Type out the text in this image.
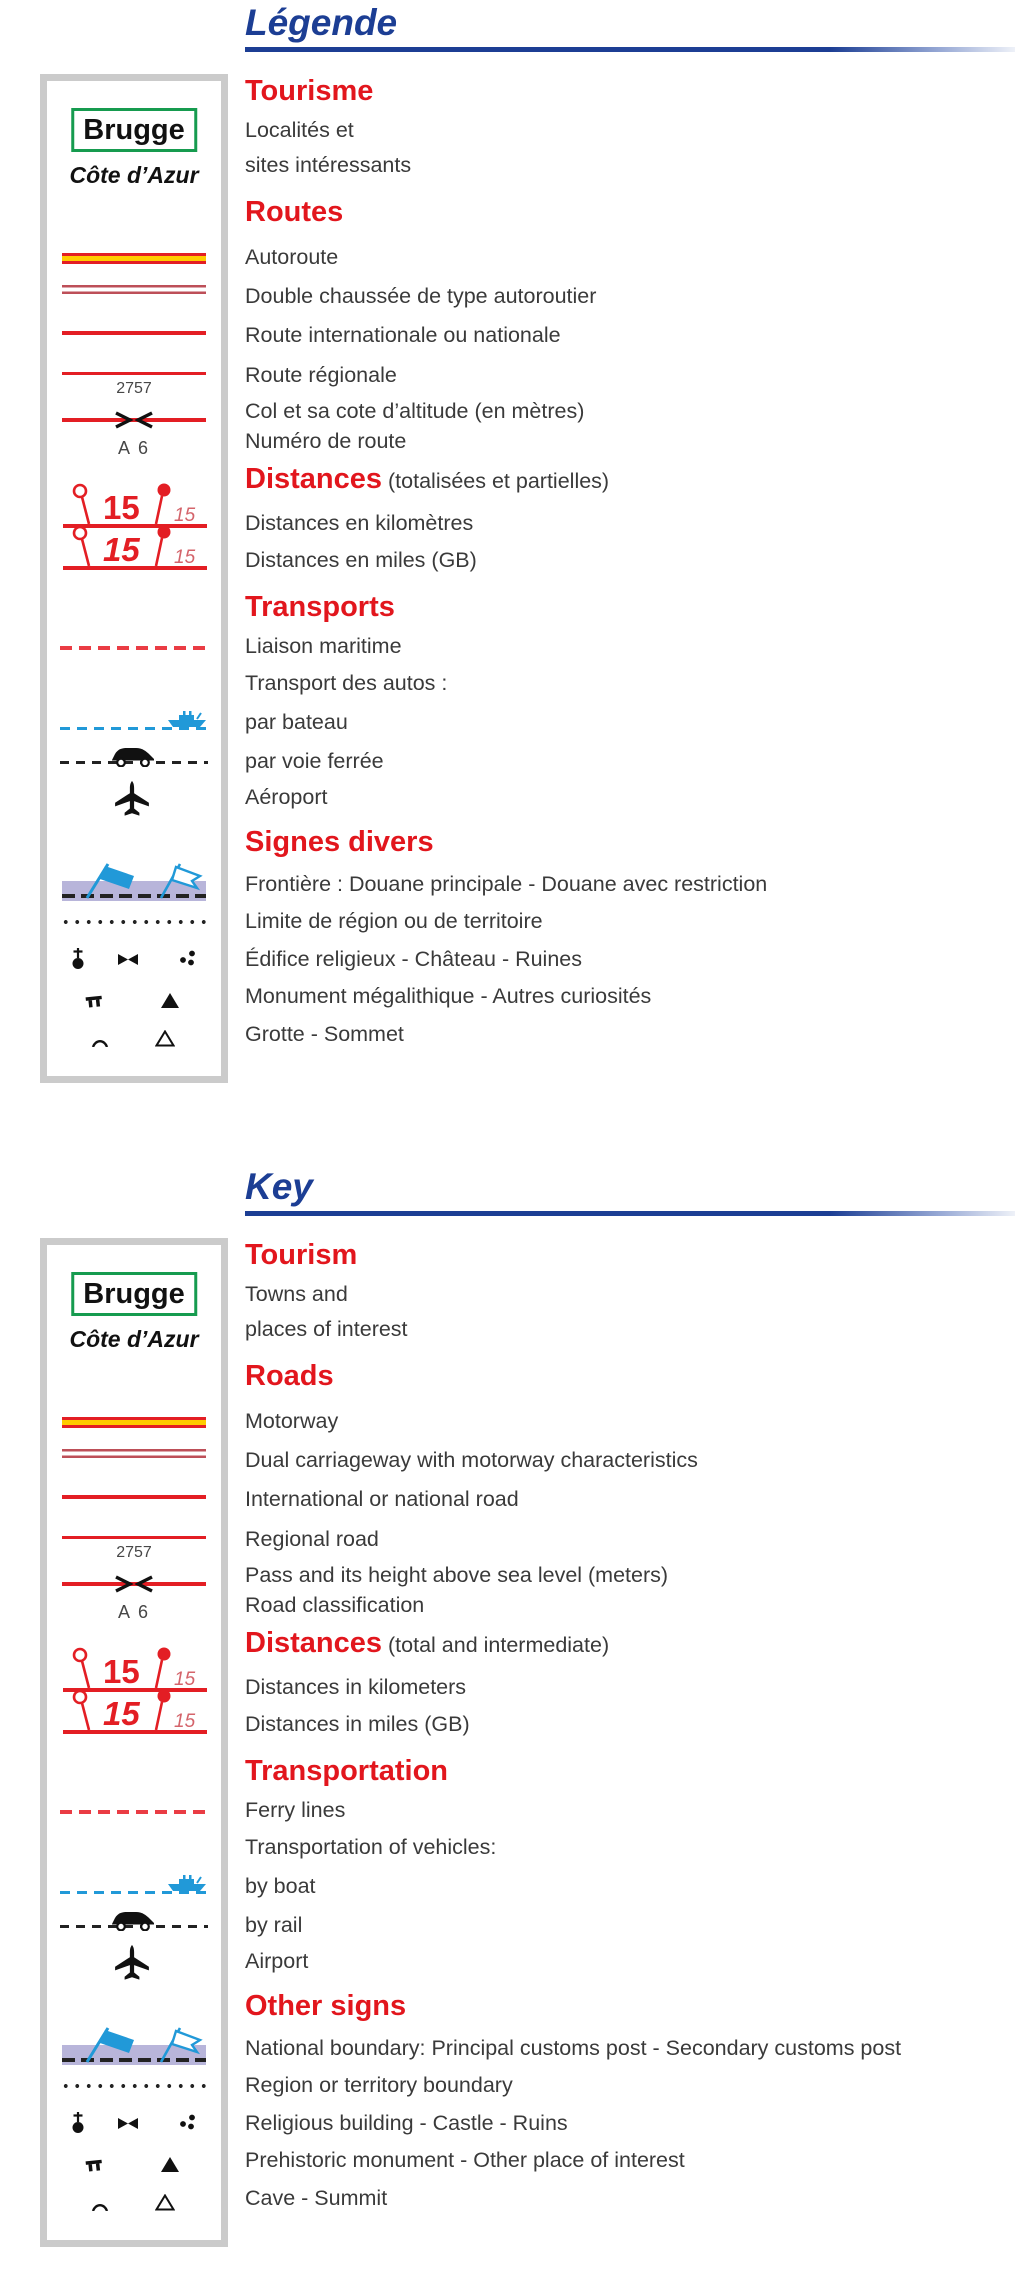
Légende
Brugge
Côte d’Azur
2757
A 6
15 15
15 15
Tourisme
Localités et
sites intéressants
Routes
Autoroute
Double chaussée de type autoroutier
Route internationale ou nationale
Route régionale
Col et sa cote d’altitude (en mètres)
Numéro de route
Distances (totalisées et partielles)
Distances en kilomètres
Distances en miles (GB)
Transports
Liaison maritime
Transport des autos :
par bateau
par voie ferrée
Aéroport
Signes divers
Frontière : Douane principale - Douane avec restriction
Limite de région ou de territoire
Édifice religieux - Château - Ruines
Monument mégalithique - Autres curiosités
Grotte - Sommet
Key
Brugge
Côte d’Azur
2757
A 6
15 15
15 15
Tourism
Towns and
places of interest
Roads
Motorway
Dual carriageway with motorway characteristics
International or national road
Regional road
Pass and its height above sea level (meters)
Road classification
Distances (total and intermediate)
Distances in kilometers
Distances in miles (GB)
Transportation
Ferry lines
Transportation of vehicles:
by boat
by rail
Airport
Other signs
National boundary: Principal customs post - Secondary customs post
Region or territory boundary
Religious building - Castle - Ruins
Prehistoric monument - Other place of interest
Cave - Summit
